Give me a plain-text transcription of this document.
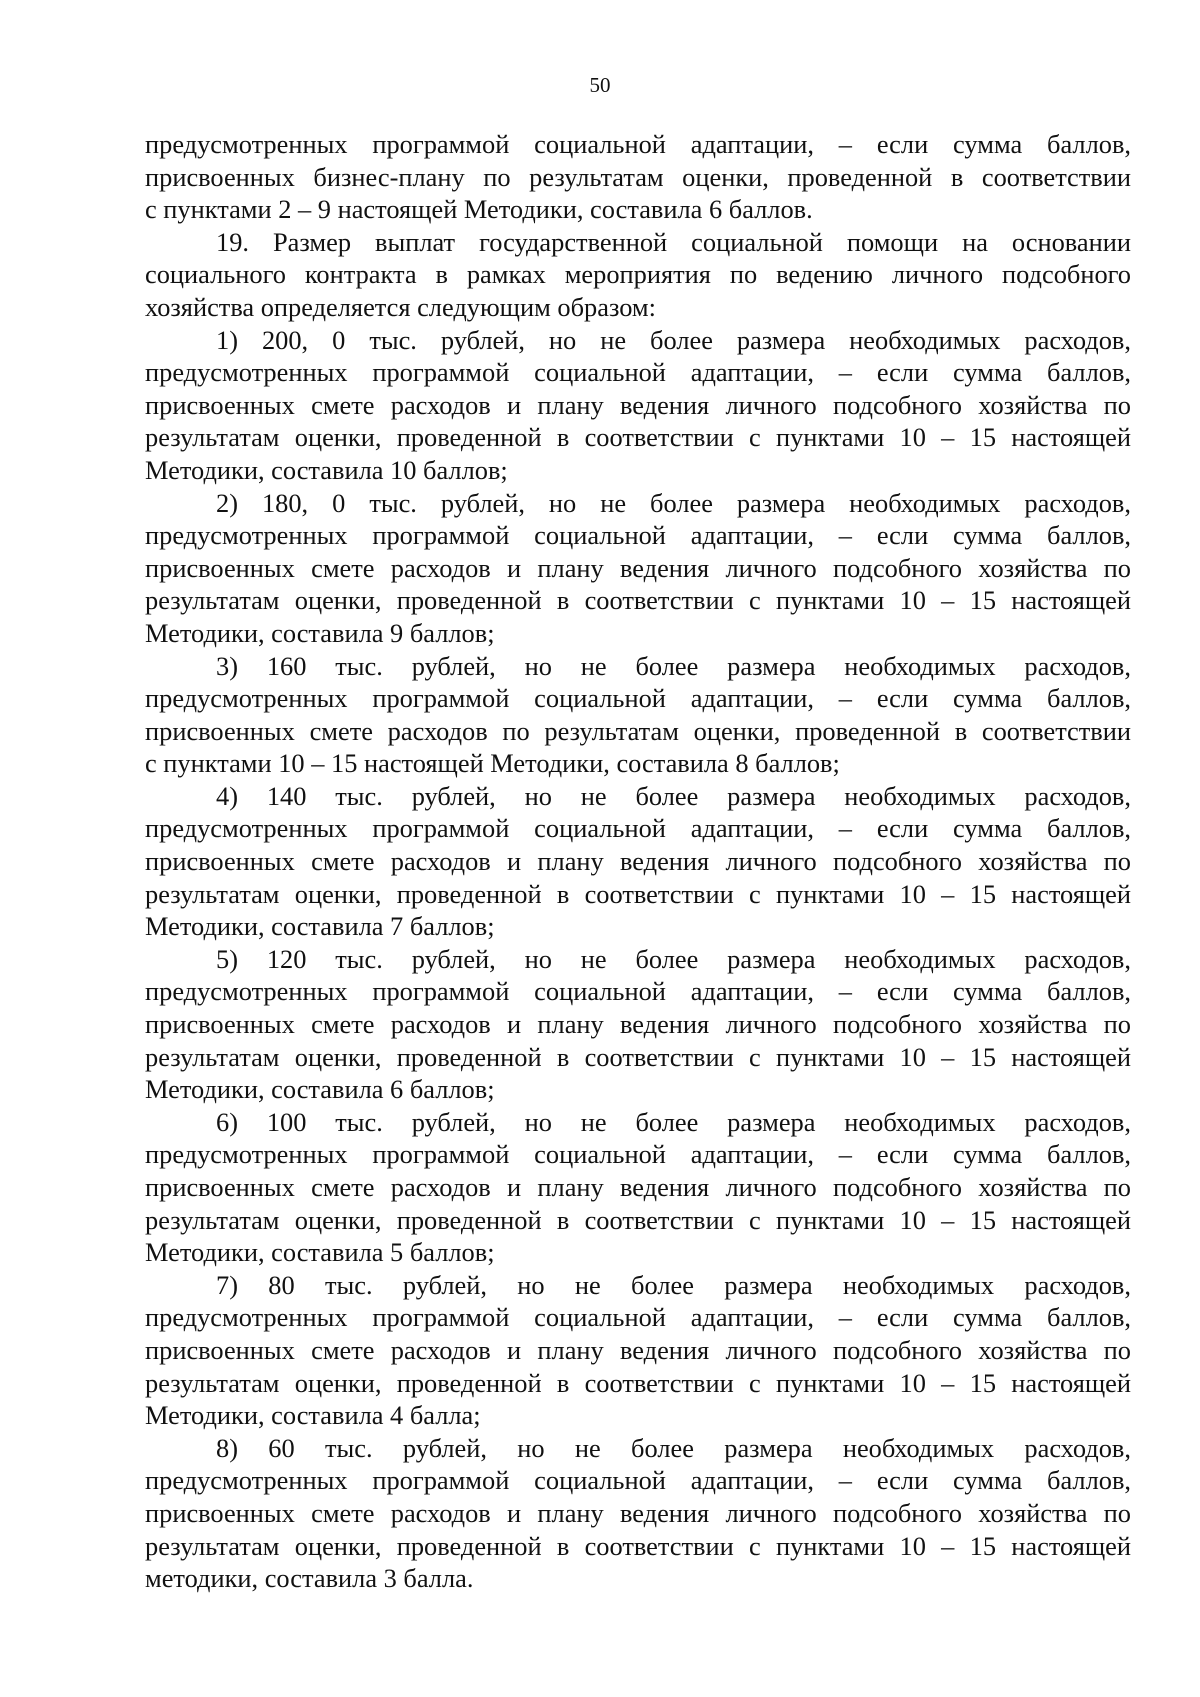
50
предусмотренных программой социальной адаптации, – если сумма баллов,
присвоенных бизнес-плану по результатам оценки, проведенной в соответствии
с пунктами 2 – 9 настоящей Методики, составила 6 баллов.
19. Размер выплат государственной социальной помощи на основании
социального контракта в рамках мероприятия по ведению личного подсобного
хозяйства определяется следующим образом:
1) 200, 0 тыс. рублей, но не более размера необходимых расходов,
предусмотренных программой социальной адаптации, – если сумма баллов,
присвоенных смете расходов и плану ведения личного подсобного хозяйства по
результатам оценки, проведенной в соответствии с пунктами 10 – 15 настоящей
Методики, составила 10 баллов;
2) 180, 0 тыс. рублей, но не более размера необходимых расходов,
предусмотренных программой социальной адаптации, – если сумма баллов,
присвоенных смете расходов и плану ведения личного подсобного хозяйства по
результатам оценки, проведенной в соответствии с пунктами 10 – 15 настоящей
Методики, составила 9 баллов;
3) 160 тыс. рублей, но не более размера необходимых расходов,
предусмотренных программой социальной адаптации, – если сумма баллов,
присвоенных смете расходов по результатам оценки, проведенной в соответствии
с пунктами 10 – 15 настоящей Методики, составила 8 баллов;
4) 140 тыс. рублей, но не более размера необходимых расходов,
предусмотренных программой социальной адаптации, – если сумма баллов,
присвоенных смете расходов и плану ведения личного подсобного хозяйства по
результатам оценки, проведенной в соответствии с пунктами 10 – 15 настоящей
Методики, составила 7 баллов;
5) 120 тыс. рублей, но не более размера необходимых расходов,
предусмотренных программой социальной адаптации, – если сумма баллов,
присвоенных смете расходов и плану ведения личного подсобного хозяйства по
результатам оценки, проведенной в соответствии с пунктами 10 – 15 настоящей
Методики, составила 6 баллов;
6) 100 тыс. рублей, но не более размера необходимых расходов,
предусмотренных программой социальной адаптации, – если сумма баллов,
присвоенных смете расходов и плану ведения личного подсобного хозяйства по
результатам оценки, проведенной в соответствии с пунктами 10 – 15 настоящей
Методики, составила 5 баллов;
7) 80 тыс. рублей, но не более размера необходимых расходов,
предусмотренных программой социальной адаптации, – если сумма баллов,
присвоенных смете расходов и плану ведения личного подсобного хозяйства по
результатам оценки, проведенной в соответствии с пунктами 10 – 15 настоящей
Методики, составила 4 балла;
8) 60 тыс. рублей, но не более размера необходимых расходов,
предусмотренных программой социальной адаптации, – если сумма баллов,
присвоенных смете расходов и плану ведения личного подсобного хозяйства по
результатам оценки, проведенной в соответствии с пунктами 10 – 15 настоящей
методики, составила 3 балла.
